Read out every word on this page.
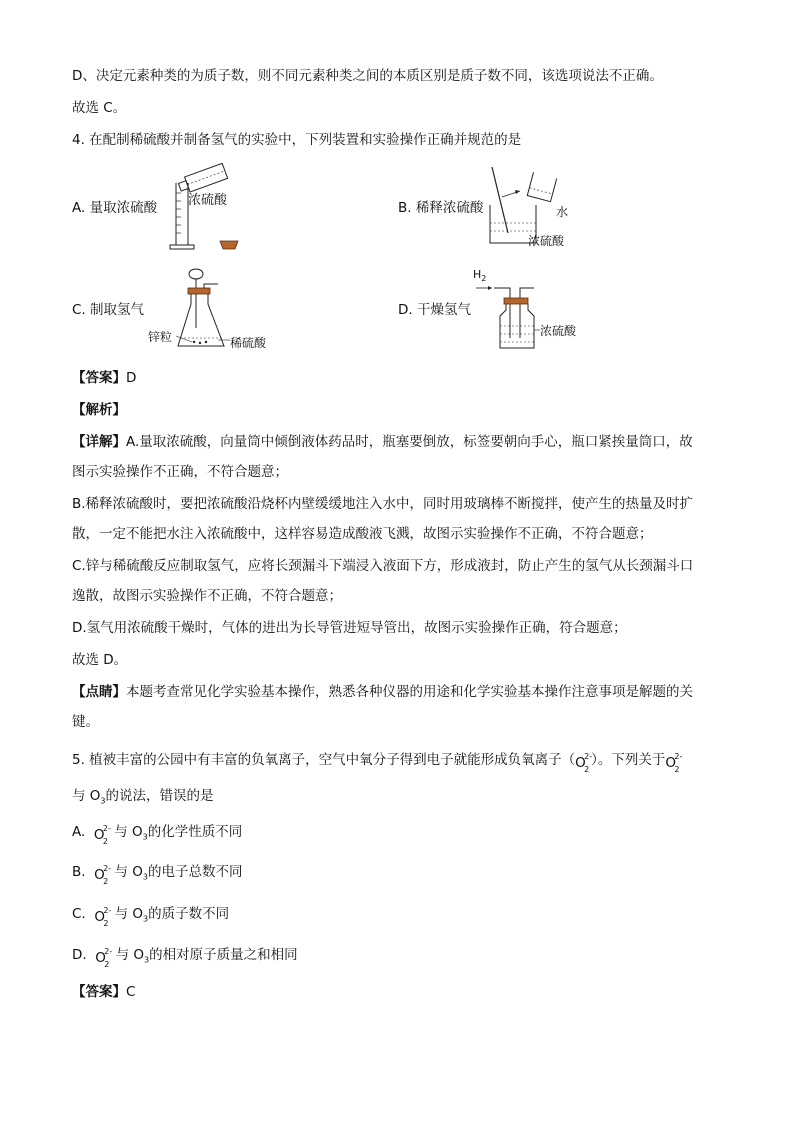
D、决定元素种类的为质子数，则不同元素种类之间的本质区别是质子数不同，该选项说法不正确。
故选 C。
4. 在配制稀硫酸并制备氢气的实验中，下列装置和实验操作正确并规范的是
A. 量取浓硫酸	B. 稀释浓硫酸
C. 制取氢气	D. 干燥氢气
浓硫酸
水
浓硫酸
锌粒	稀硫酸
$H_2$
浓硫酸
【答案】D
【解析】
【详解】A.量取浓硫酸，向量筒中倾倒液体药品时，瓶塞要倒放，标签要朝向手心，瓶口紧挨量筒口，故
图示实验操作不正确，不符合题意；
B.稀释浓硫酸时，要把浓硫酸沿烧杯内壁缓缓地注入水中，同时用玻璃棒不断搅拌，使产生的热量及时扩
散，一定不能把水注入浓硫酸中，这样容易造成酸液飞溅，故图示实验操作不正确，不符合题意；
C.锌与稀硫酸反应制取氢气，应将长颈漏斗下端浸入液面下方，形成液封，防止产生的氢气从长颈漏斗口
逸散，故图示实验操作不正确，不符合题意；
D.氢气用浓硫酸干燥时，气体的进出为长导管进短导管出，故图示实验操作正确，符合题意；
故选 D。
【点睛】本题考查常见化学实验基本操作，熟悉各种仪器的用途和化学实验基本操作注意事项是解题的关
键。
5. 植被丰富的公园中有丰富的负氧离子，空气中氧分子得到电子就能形成负氧离子（ O
2-
2
）。下列关于 O
2-
2
与 $O_3$的说法，错误的是
A. O
2-
2
与 $O_3$的化学性质不同
B. O
2-
2
与 $O_3$的电子总数不同
C. O
2-
2
与 $O_3$的质子数不同
D. O
2-
2
与 $O_3$的相对原子质量之和相同
【答案】C
